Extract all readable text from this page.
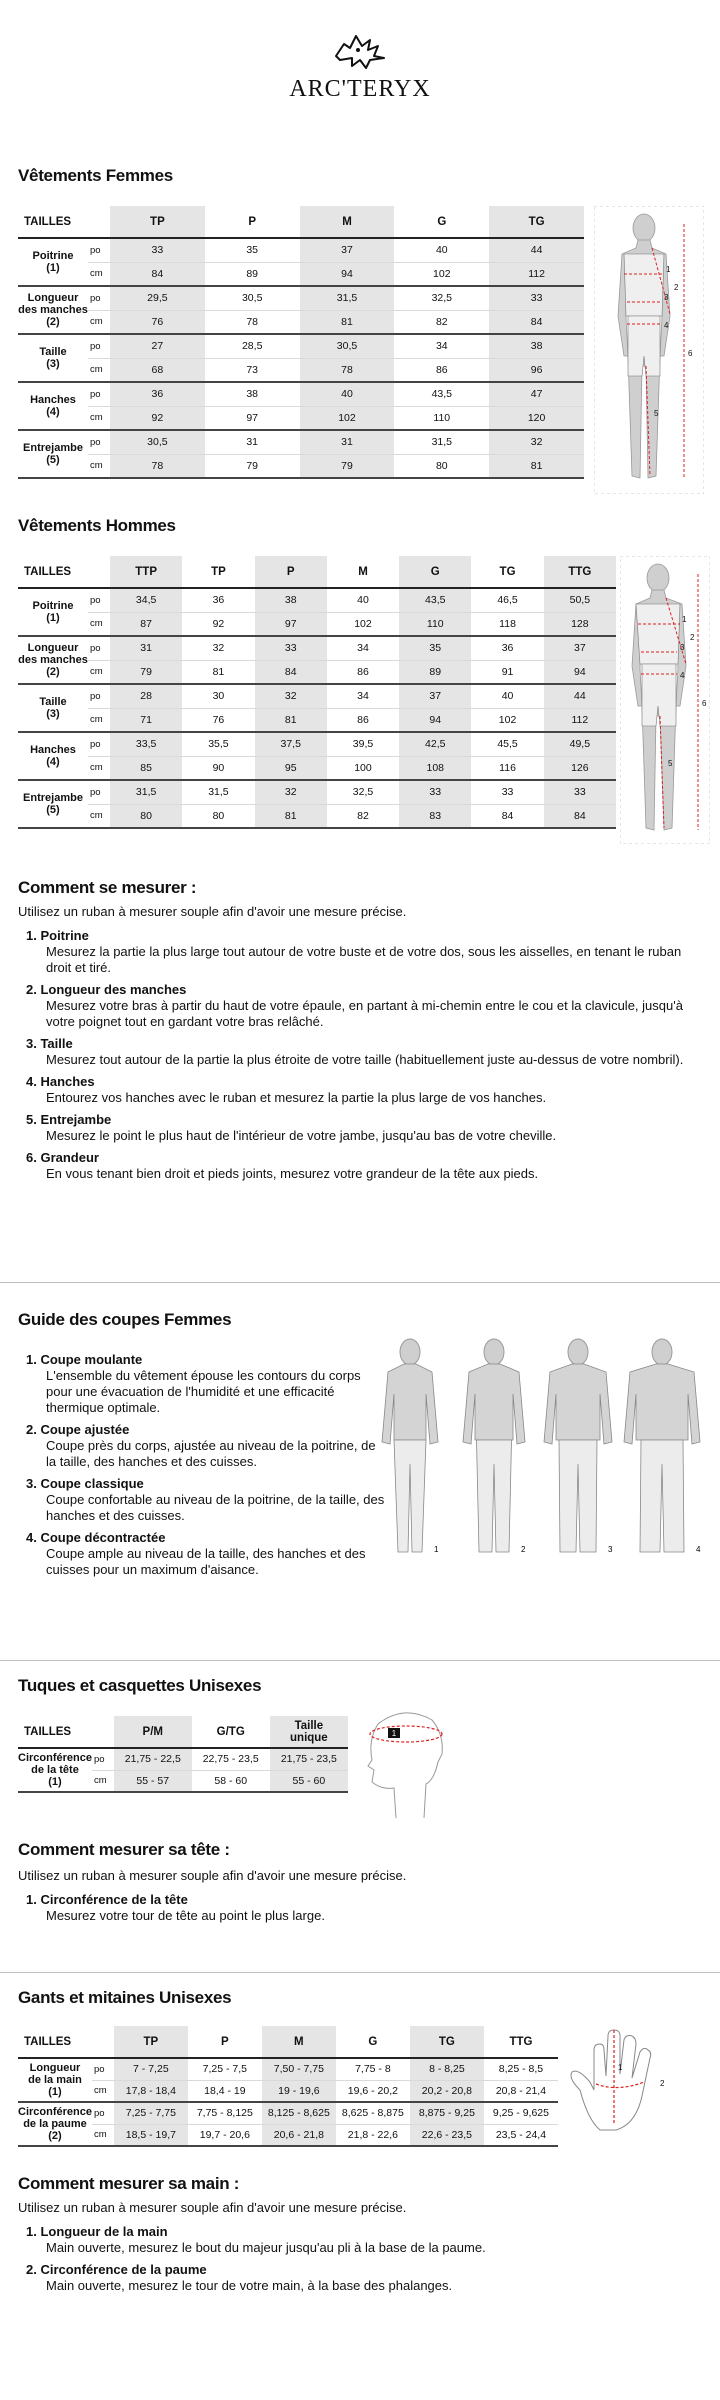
ARC'TERYX
Vêtements Femmes
TAILLES		TP	P	M	G	TG
Poitrine
(1)	po	33	35	37	40	44
	cm	84	89	94	102	112
Longueur
des manches
(2)	po	29,5	30,5	31,5	32,5	33
	cm	76	78	81	82	84
Taille
(3)	po	27	28,5	30,5	34	38
	cm	68	73	78	86	96
Hanches
(4)	po	36	38	40	43,5	47
	cm	92	97	102	110	120
Entrejambe
(5)	po	30,5	31	31	31,5	32
	cm	78	79	79	80	81
1
2
3
4
5
6
Vêtements Hommes
TAILLES		TTP	TP	P	M	G	TG	TTG
Poitrine
(1)	po	34,5	36	38	40	43,5	46,5	50,5
	cm	87	92	97	102	110	118	128
Longueur
des manches
(2)	po	31	32	33	34	35	36	37
	cm	79	81	84	86	89	91	94
Taille
(3)	po	28	30	32	34	37	40	44
	cm	71	76	81	86	94	102	112
Hanches
(4)	po	33,5	35,5	37,5	39,5	42,5	45,5	49,5
	cm	85	90	95	100	108	116	126
Entrejambe
(5)	po	31,5	31,5	32	32,5	33	33	33
	cm	80	80	81	82	83	84	84
1
2
3
4
5
6
Comment se mesurer :
Utilisez un ruban à mesurer souple afin d'avoir une mesure précise.
1. Poitrine
Mesurez la partie la plus large tout autour de votre buste et de votre dos, sous les aisselles, en tenant le ruban droit et tiré.
2. Longueur des manches
Mesurez votre bras à partir du haut de votre épaule, en partant à mi-chemin entre le cou et la clavicule, jusqu'à votre poignet tout en gardant votre bras relâché.
3. Taille
Mesurez tout autour de la partie la plus étroite de votre taille (habituellement juste au-dessus de votre nombril).
4. Hanches
Entourez vos hanches avec le ruban et mesurez la partie la plus large de vos hanches.
5. Entrejambe
Mesurez le point le plus haut de l'intérieur de votre jambe, jusqu'au bas de votre cheville.
6. Grandeur
En vous tenant bien droit et pieds joints, mesurez votre grandeur de la tête aux pieds.
Guide des coupes Femmes
1. Coupe moulante
L'ensemble du vêtement épouse les contours du corps pour une évacuation de l'humidité et une efficacité thermique optimale.
2. Coupe ajustée
Coupe près du corps, ajustée au niveau de la poitrine, de la taille, des hanches et des cuisses.
3. Coupe classique
Coupe confortable au niveau de la poitrine, de la taille, des hanches et des cuisses.
4. Coupe décontractée
Coupe ample au niveau de la taille, des hanches et des cuisses pour un maximum d'aisance.
1	2	3	4
Tuques et casquettes Unisexes
TAILLES		P/M	G/TG	Taille
unique
Circonférence
de la tête
(1)	po	21,75 - 22,5	22,75 - 23,5	21,75 - 23,5
	cm	55 - 57	58 - 60	55 - 60
1
Comment mesurer sa tête :
Utilisez un ruban à mesurer souple afin d'avoir une mesure précise.
1. Circonférence de la tête
Mesurez votre tour de tête au point le plus large.
Gants et mitaines Unisexes
TAILLES		TP	P	M	G	TG	TTG
Longueur
de la main
(1)	po	7 - 7,25	7,25 - 7,5	7,50 - 7,75	7,75 - 8	8 - 8,25	8,25 - 8,5
	cm	17,8 - 18,4	18,4 - 19	19 - 19,6	19,6 - 20,2	20,2 - 20,8	20,8 - 21,4
Circonférence
de la paume
(2)	po	7,25 - 7,75	7,75 - 8,125	8,125 - 8,625	8,625 - 8,875	8,875 - 9,25	9,25 - 9,625
	cm	18,5 - 19,7	19,7 - 20,6	20,6 - 21,8	21,8 - 22,6	22,6 - 23,5	23,5 - 24,4
1
2
Comment mesurer sa main :
Utilisez un ruban à mesurer souple afin d'avoir une mesure précise.
1. Longueur de la main
Main ouverte, mesurez le bout du majeur jusqu'au pli à la base de la paume.
2. Circonférence de la paume
Main ouverte, mesurez le tour de votre main, à la base des phalanges.
